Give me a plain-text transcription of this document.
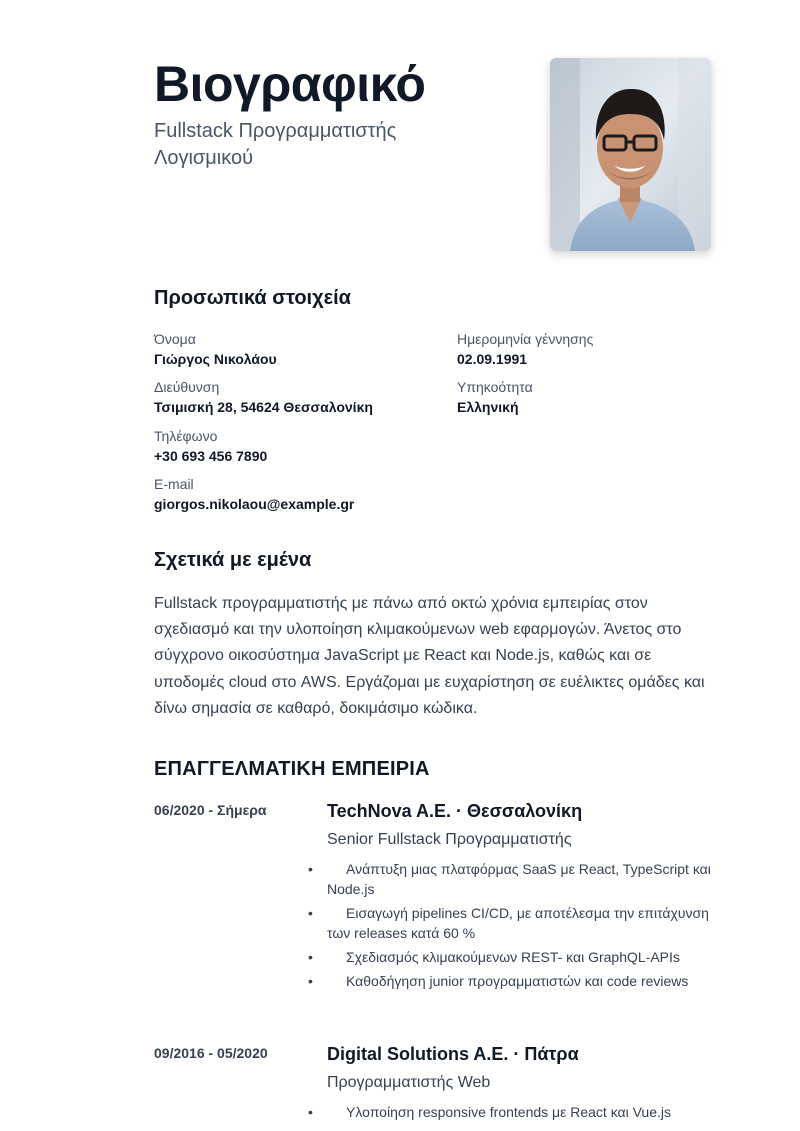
Βιογραφικό
Fullstack Προγραμματιστής Λογισμικού
Προσωπικά στοιχεία
Όνομα
Γιώργος Νικολάου
Ημερομηνία γέννησης
02.09.1991
Διεύθυνση
Τσιμισκή 28, 54624 Θεσσαλονίκη
Υπηκοότητα
Ελληνική
Τηλέφωνο
+30 693 456 7890
E-mail
giorgos.nikolaou@example.gr
Σχετικά με εμένα
Fullstack προγραμματιστής με πάνω από οκτώ χρόνια εμπειρίας στον σχεδιασμό και την υλοποίηση κλιμακούμενων web εφαρμογών. Άνετος στο σύγχρονο οικοσύστημα JavaScript με React και Node.js, καθώς και σε υποδομές cloud στο AWS. Εργάζομαι με ευχαρίστηση σε ευέλικτες ομάδες και δίνω σημασία σε καθαρό, δοκιμάσιμο κώδικα.
ΕΠΑΓΓΕΛΜΑΤΙΚΗ ΕΜΠΕΙΡΙΑ
06/2020 - Σήμερα	TechNova A.E. · Θεσσαλονίκη
Senior Fullstack Προγραμματιστής
• Ανάπτυξη μιας πλατφόρμας SaaS με React, TypeScript και Node.js
• Εισαγωγή pipelines CI/CD, με αποτέλεσμα την επιτάχυνση των releases κατά 60 %
• Σχεδιασμός κλιμακούμενων REST- και GraphQL-APIs
• Καθοδήγηση junior προγραμματιστών και code reviews
09/2016 - 05/2020	Digital Solutions A.E. · Πάτρα
Προγραμματιστής Web
• Υλοποίηση responsive frontends με React και Vue.js
